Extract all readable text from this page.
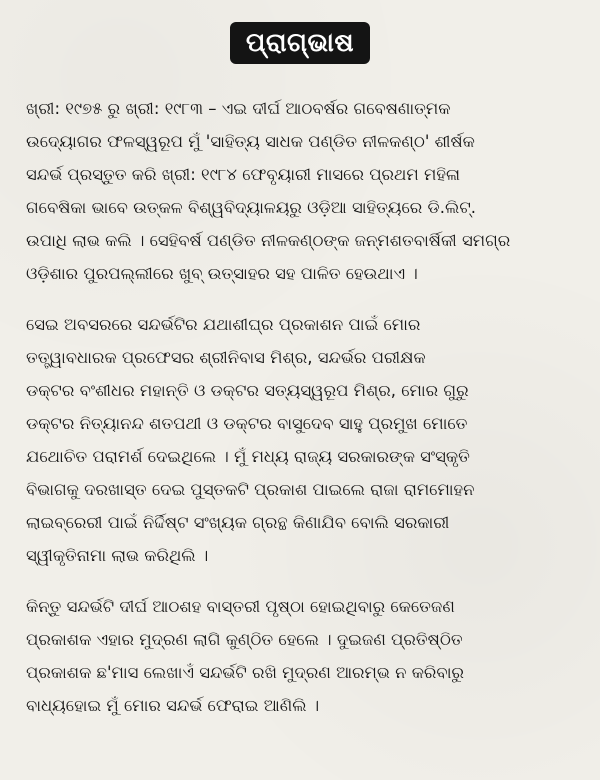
ପ୍ରାଗ୍ଭାଷ
ଖ୍ରୀ: ୧୯୭୫ ରୁ ଖ୍ରୀ: ୧୯୮୩ – ଏଇ ଦୀର୍ଘ ଆଠବର୍ଷର ଗବେଷଣାତ୍ମକ
ଉଦ୍ୟୋଗର ଫଳସ୍ୱରୂପ ମୁଁ 'ସାହିତ୍ୟ ସାଧକ ପଣ୍ଡିତ ନୀଳକଣ୍ଠ' ଶୀର୍ଷକ
ସନ୍ଦର୍ଭ ପ୍ରସ୍ତୁତ କରି ଖ୍ରୀ: ୧୯୮୪ ଫେବୃୟାରୀ ମାସରେ ପ୍ରଥମ ମହିଳା
ଗବେଷିକା ଭାବେ ଉତ୍କଳ ବିଶ୍ୱବିଦ୍ୟାଳୟରୁ ଓଡ଼ିଆ ସାହିତ୍ୟରେ ଡି.ଲିଟ୍.
ଉପାଧି ଲାଭ କଲି । ସେହିବର୍ଷ ପଣ୍ଡିତ ନୀଳକଣ୍ଠଙ୍କ ଜନ୍ମଶତବାର୍ଷିକୀ ସମଗ୍ର
ଓଡ଼ିଶାର ପୁରପଲ୍ଲୀରେ ଖୁବ୍ ଉତ୍ସାହର ସହ ପାଳିତ ହେଉଥାଏ ।
ସେଇ ଅବସରରେ ସନ୍ଦର୍ଭଟିର ଯଥାଶୀଘ୍ର ପ୍ରକାଶନ ପାଇଁ ମୋର
ତତ୍ତ୍ୱାବଧାରକ ପ୍ରଫେସର ଶ୍ରୀନିବାସ ମିଶ୍ର, ସନ୍ଦର୍ଭର ପରୀକ୍ଷକ
ଡକ୍ଟର ବଂଶୀଧର ମହାନ୍ତି ଓ ଡକ୍ଟର ସତ୍ୟସ୍ୱରୂପ ମିଶ୍ର, ମୋର ଗୁରୁ
ଡକ୍ଟର ନିତ୍ୟାନନ୍ଦ ଶତପଥୀ ଓ ଡକ୍ଟର ବାସୁଦେବ ସାହୁ ପ୍ରମୁଖ ମୋତେ
ଯଥୋଚିତ ପରାମର୍ଶ ଦେଇଥିଲେ । ମୁଁ ମଧ୍ୟ ରାଜ୍ୟ ସରକାରଙ୍କ ସଂସ୍କୃତି
ବିଭାଗକୁ ଦରଖାସ୍ତ ଦେଇ ପୁସ୍ତକଟି ପ୍ରକାଶ ପାଇଲେ ରାଜା ରାମମୋହନ
ଲାଇବ୍ରେରୀ ପାଇଁ ନିର୍ଦ୍ଦିଷ୍ଟ ସଂଖ୍ୟକ ଗ୍ରନ୍ଥ କିଣାଯିବ ବୋଲି ସରକାରୀ
ସ୍ୱୀକୃତିନାମା ଲାଭ କରିଥିଲି ।
କିନ୍ତୁ ସନ୍ଦର୍ଭଟି ଦୀର୍ଘ ଆଠଶହ ବାସ୍ତରୀ ପୃଷ୍ଠା ହୋଇଥିବାରୁ କେତେଜଣ
ପ୍ରକାଶକ ଏହାର ମୁଦ୍ରଣ ଲାଗି କୁଣ୍ଠିତ ହେଲେ । ଦୁଇଜଣ ପ୍ରତିଷ୍ଠିତ
ପ୍ରକାଶକ ଛ'ମାସ ଲେଖାଏଁ ସନ୍ଦର୍ଭଟି ରଖି ମୁଦ୍ରଣ ଆରମ୍ଭ ନ କରିବାରୁ
ବାଧ୍ୟହୋଇ ମୁଁ ମୋର ସନ୍ଦର୍ଭ ଫେରାଇ ଆଣିଲି ।
